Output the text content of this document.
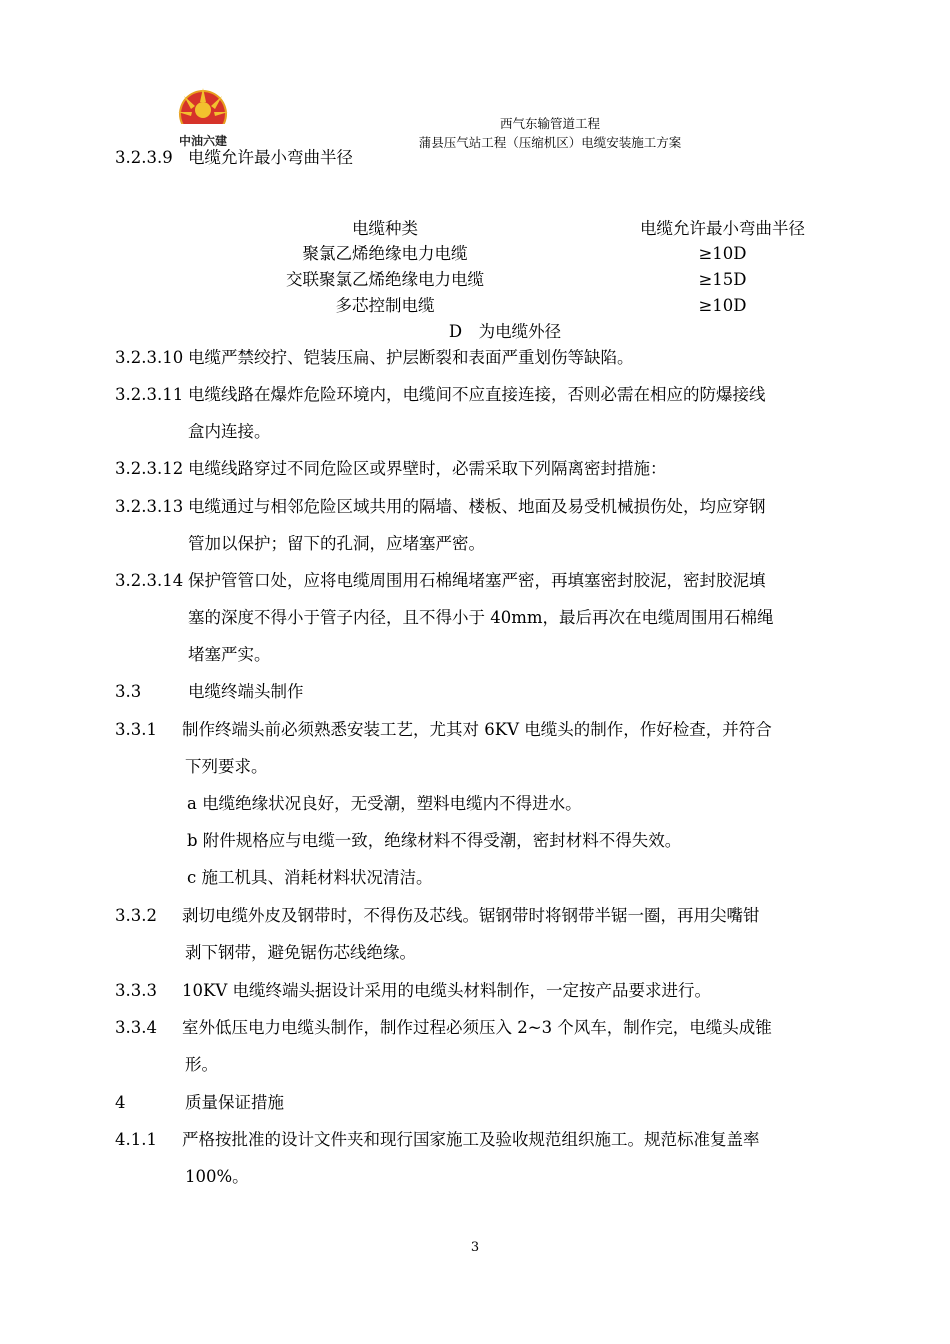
中油六建
西气东输管道工程
蒲县压气站工程（压缩机区）电缆安装施工方案
3.2.3.9 电缆允许最小弯曲半径
电缆种类	电缆允许最小弯曲半径
聚氯乙烯绝缘电力电缆	≥10D
交联聚氯乙烯绝缘电力电缆	≥15D
多芯控制电缆	≥10D
D　为电缆外径
3.2.3.10 电缆严禁绞拧、铠装压扁、护层断裂和表面严重划伤等缺陷。
3.2.3.11 电缆线路在爆炸危险环境内，电缆间不应直接连接，否则必需在相应的防爆接线
盒内连接。
3.2.3.12 电缆线路穿过不同危险区或界壁时，必需采取下列隔离密封措施：
3.2.3.13 电缆通过与相邻危险区域共用的隔墙、楼板、地面及易受机械损伤处，均应穿钢
管加以保护；留下的孔洞，应堵塞严密。
3.2.3.14 保护管管口处，应将电缆周围用石棉绳堵塞严密，再填塞密封胶泥，密封胶泥填
塞的深度不得小于管子内径，且不得小于 40mm，最后再次在电缆周围用石棉绳
堵塞严实。
3.3	电缆终端头制作
3.3.1 制作终端头前必须熟悉安装工艺，尤其对 6KV 电缆头的制作，作好检查，并符合
下列要求。
a 电缆绝缘状况良好，无受潮，塑料电缆内不得进水。
b 附件规格应与电缆一致，绝缘材料不得受潮，密封材料不得失效。
c 施工机具、消耗材料状况清洁。
3.3.2 剥切电缆外皮及钢带时，不得伤及芯线。锯钢带时将钢带半锯一圈，再用尖嘴钳
剥下钢带，避免锯伤芯线绝缘。
3.3.3 10KV 电缆终端头据设计采用的电缆头材料制作，一定按产品要求进行。
3.3.4 室外低压电力电缆头制作，制作过程必须压入 2~3 个风车，制作完，电缆头成锥
形。
4	质量保证措施
4.1.1 严格按批准的设计文件夹和现行国家施工及验收规范组织施工。规范标准复盖率
100%。
3
